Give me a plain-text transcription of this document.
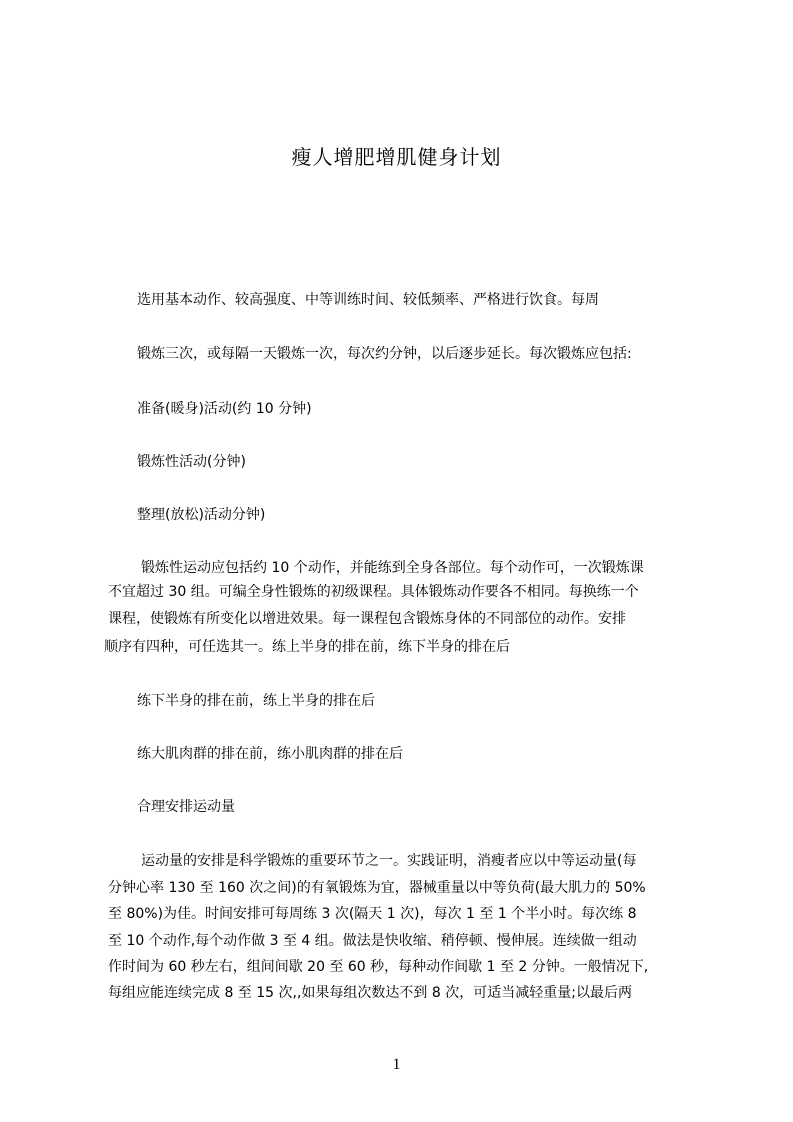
瘦人增肥增肌健身计划
选用基本动作、较高强度、中等训练时间、较低频率、严格进行饮食。每周
锻炼三次，或每隔一天锻炼一次，每次约分钟，以后逐步延长。每次锻炼应包括:
准备(暖身)活动(约 10 分钟)
锻炼性活动(分钟)
整理(放松)活动分钟)
锻炼性运动应包括约 10 个动作，并能练到全身各部位。每个动作可，一次锻炼课
不宜超过 30 组。可编全身性锻炼的初级课程。具体锻炼动作要各不相同。每换练一个
课程，使锻炼有所变化以增进效果。每一课程包含锻炼身体的不同部位的动作。安排
顺序有四种，可任选其一。练上半身的排在前，练下半身的排在后
练下半身的排在前，练上半身的排在后
练大肌肉群的排在前，练小肌肉群的排在后
合理安排运动量
运动量的安排是科学锻炼的重要环节之一。实践证明，消瘦者应以中等运动量(每
分钟心率 130 至 160 次之间)的有氧锻炼为宜，器械重量以中等负荷(最大肌力的 50%
至 80%)为佳。时间安排可每周练 3 次(隔天 1 次)，每次 1 至 1 个半小时。每次练 8
至 10 个动作,每个动作做 3 至 4 组。做法是快收缩、稍停顿、慢伸展。连续做一组动
作时间为 60 秒左右，组间间歇 20 至 60 秒，每种动作间歇 1 至 2 分钟。一般情况下,
每组应能连续完成 8 至 15 次,,如果每组次数达不到 8 次，可适当减轻重量;以最后两
1
